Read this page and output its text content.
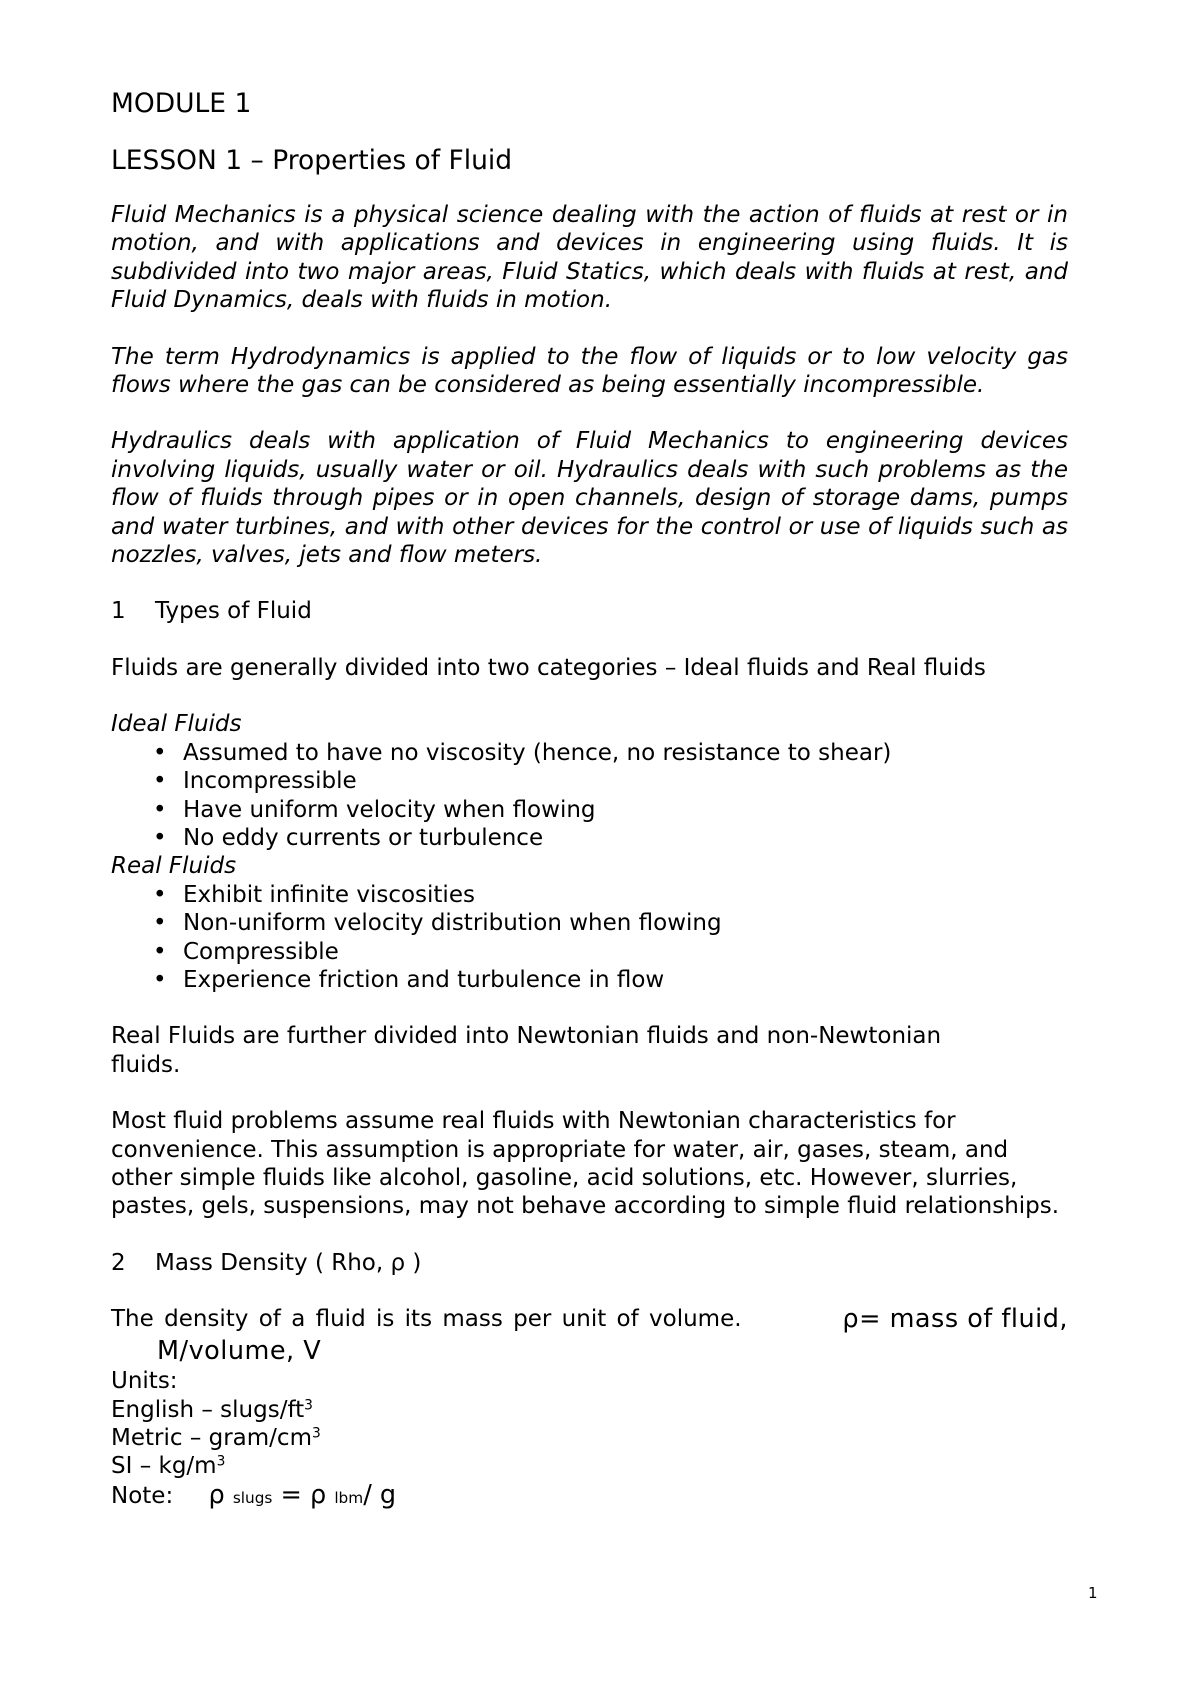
MODULE 1

LESSON 1 – Properties of Fluid

Fluid Mechanics is a physical science dealing with the action of fluids at rest or in motion, and with applications and devices in engineering using fluids. It is subdivided into two major areas, Fluid Statics, which deals with fluids at rest, and Fluid Dynamics, deals with fluids in motion.

The term Hydrodynamics is applied to the flow of liquids or to low velocity gas flows where the gas can be considered as being essentially incompressible.

Hydraulics deals with application of Fluid Mechanics to engineering devices involving liquids, usually water or oil. Hydraulics deals with such problems as the flow of fluids through pipes or in open channels, design of storage dams, pumps and water turbines, and with other devices for the control or use of liquids such as nozzles, valves, jets and flow meters.

1	Types of Fluid

Fluids are generally divided into two categories – Ideal fluids and Real fluids

Ideal Fluids

• Assumed to have no viscosity (hence, no resistance to shear)
• Incompressible
• Have uniform velocity when flowing
• No eddy currents or turbulence

Real Fluids

• Exhibit infinite viscosities
• Non-uniform velocity distribution when flowing
• Compressible
• Experience friction and turbulence in flow

Real Fluids are further divided into Newtonian fluids and non-Newtonian fluids.

Most fluid problems assume real fluids with Newtonian characteristics for convenience. This assumption is appropriate for water, air, gases, steam, and other simple fluids like alcohol, gasoline, acid solutions, etc. However, slurries, pastes, gels, suspensions, may not behave according to simple fluid relationships.

2	Mass Density ( Rho, ρ )
The density of a fluid is its mass per unit of volume.	ρ= mass of fluid,

M/volume, V

Units:

English – slugs/$ft^3$

Metric – gram/$cm^3$

SI – $kg/m^3$

Note: ρ slugs = ρ lbm/ g

1
